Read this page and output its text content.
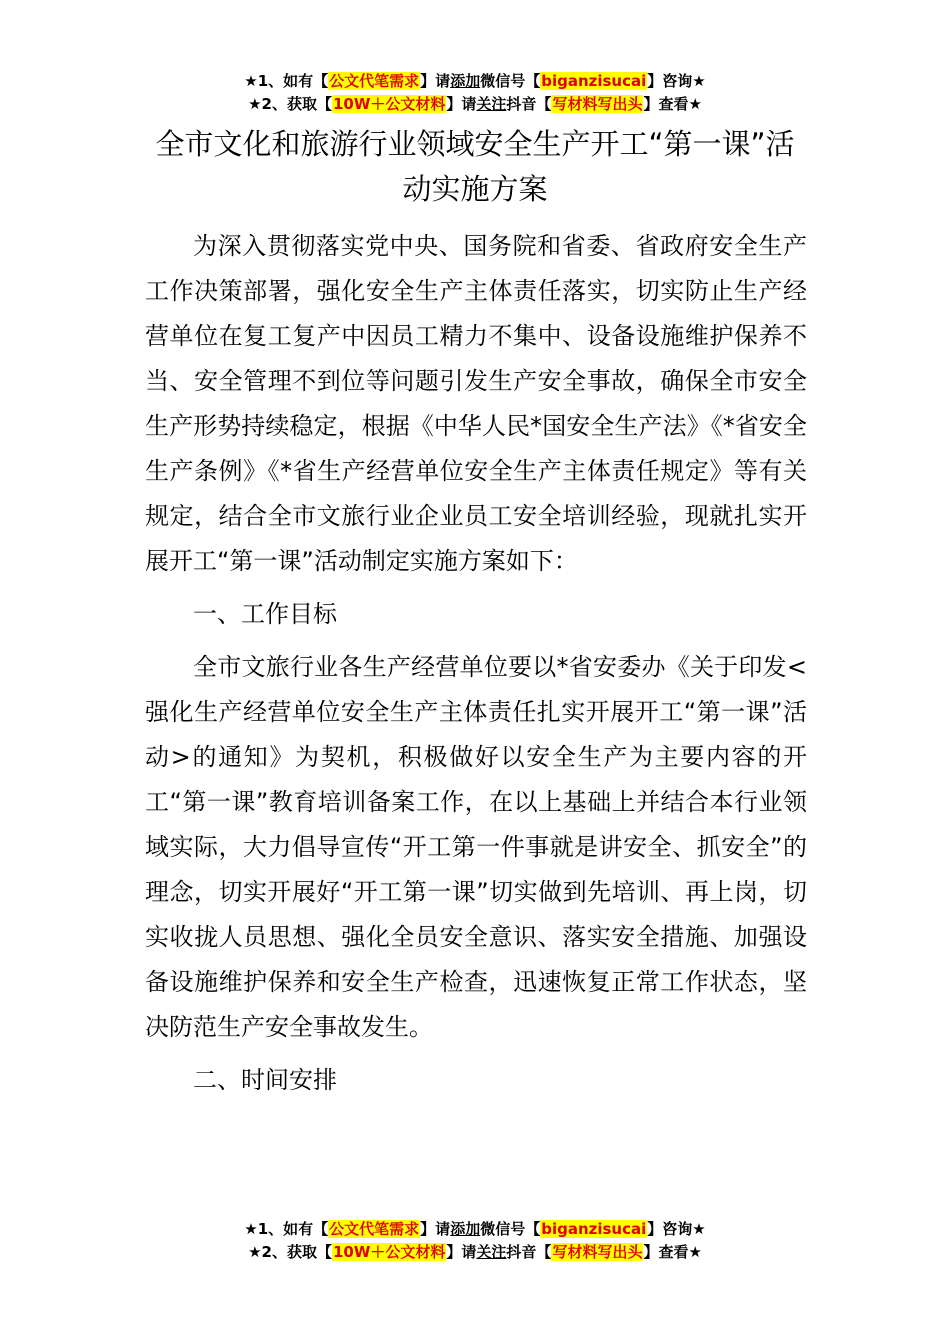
★1、如有【公文代笔需求】请添加微信号【biganzisucai】咨询★
★2、获取【10W＋公文材料】请关注抖音【写材料写出头】查看★
全市文化和旅游行业领域安全生产开工“第一课”活动实施方案

为深入贯彻落实党中央、国务院和省委、省政府安全生产工作决策部署，强化安全生产主体责任落实，切实防止生产经营单位在复工复产中因员工精力不集中、设备设施维护保养不当、安全管理不到位等问题引发生产安全事故，确保全市安全生产形势持续稳定，根据《中华人民*国安全生产法》《*省安全生产条例》《*省生产经营单位安全生产主体责任规定》等有关规定，结合全市文旅行业企业员工安全培训经验，现就扎实开展开工“第一课”活动制定实施方案如下：

一、工作目标

全市文旅行业各生产经营单位要以*省安委办《关于印发<强化生产经营单位安全生产主体责任扎实开展开工“第一课”活动>的通知》为契机，积极做好以安全生产为主要内容的开工“第一课”教育培训备案工作，在以上基础上并结合本行业领域实际，大力倡导宣传“开工第一件事就是讲安全、抓安全”的理念，切实开展好“开工第一课”切实做到先培训、再上岗，切实收拢人员思想、强化全员安全意识、落实安全措施、加强设备设施维护保养和安全生产检查，迅速恢复正常工作状态，坚决防范生产安全事故发生。

二、时间安排

★1、如有【公文代笔需求】请添加微信号【biganzisucai】咨询★
★2、获取【10W＋公文材料】请关注抖音【写材料写出头】查看★
